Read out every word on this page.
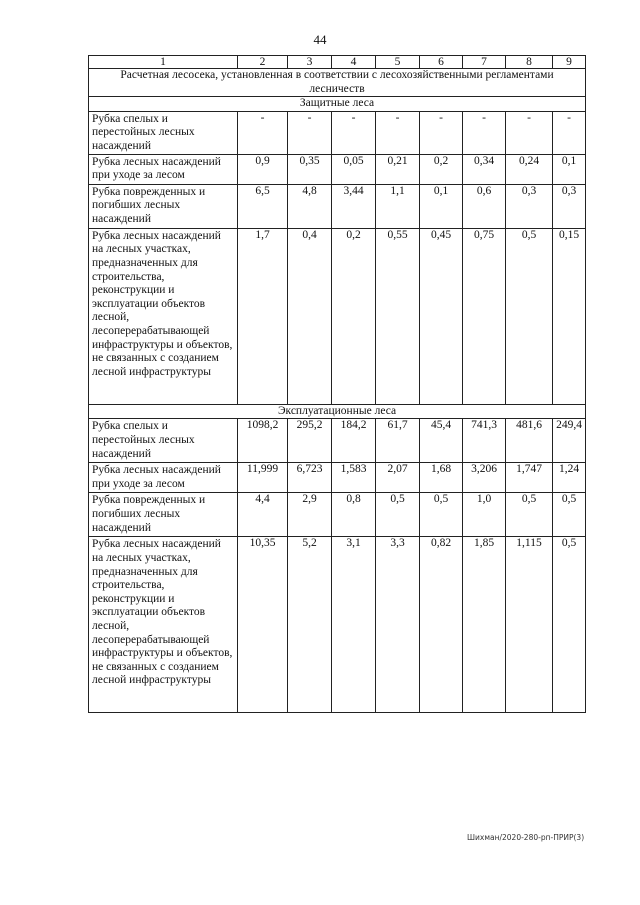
44
1	2	3	4	5	6	7	8	9
Расчетная лесосека, установленная в соответствии с лесохозяйственными регламентами лесничеств								
Защитные леса								
Рубка спелых и перестойных лесных насаждений	-	-	-	-	-	-	-	-
Рубка лесных насаждений при уходе за лесом	0,9	0,35	0,05	0,21	0,2	0,34	0,24	0,1
Рубка поврежденных и погибших лесных насаждений	6,5	4,8	3,44	1,1	0,1	0,6	0,3	0,3
Рубка лесных насаждений на лесных участках, предназначенных для строительства, реконструкции и эксплуатации объектов лесной, лесоперерабатывающей инфраструктуры и объектов, не связанных с созданием лесной инфраструктуры	1,7	0,4	0,2	0,55	0,45	0,75	0,5	0,15
Эксплуатационные леса								
Рубка спелых и перестойных лесных насаждений	1098,2	295,2	184,2	61,7	45,4	741,3	481,6	249,4
Рубка лесных насаждений при уходе за лесом	11,999	6,723	1,583	2,07	1,68	3,206	1,747	1,24
Рубка поврежденных и погибших лесных насаждений	4,4	2,9	0,8	0,5	0,5	1,0	0,5	0,5
Рубка лесных насаждений на лесных участках, предназначенных для строительства, реконструкции и эксплуатации объектов лесной, лесоперерабатывающей инфраструктуры и объектов, не связанных с созданием лесной инфраструктуры	10,35	5,2	3,1	3,3	0,82	1,85	1,115	0,5
Шихман/2020-280-рп-ПРИР(3)
